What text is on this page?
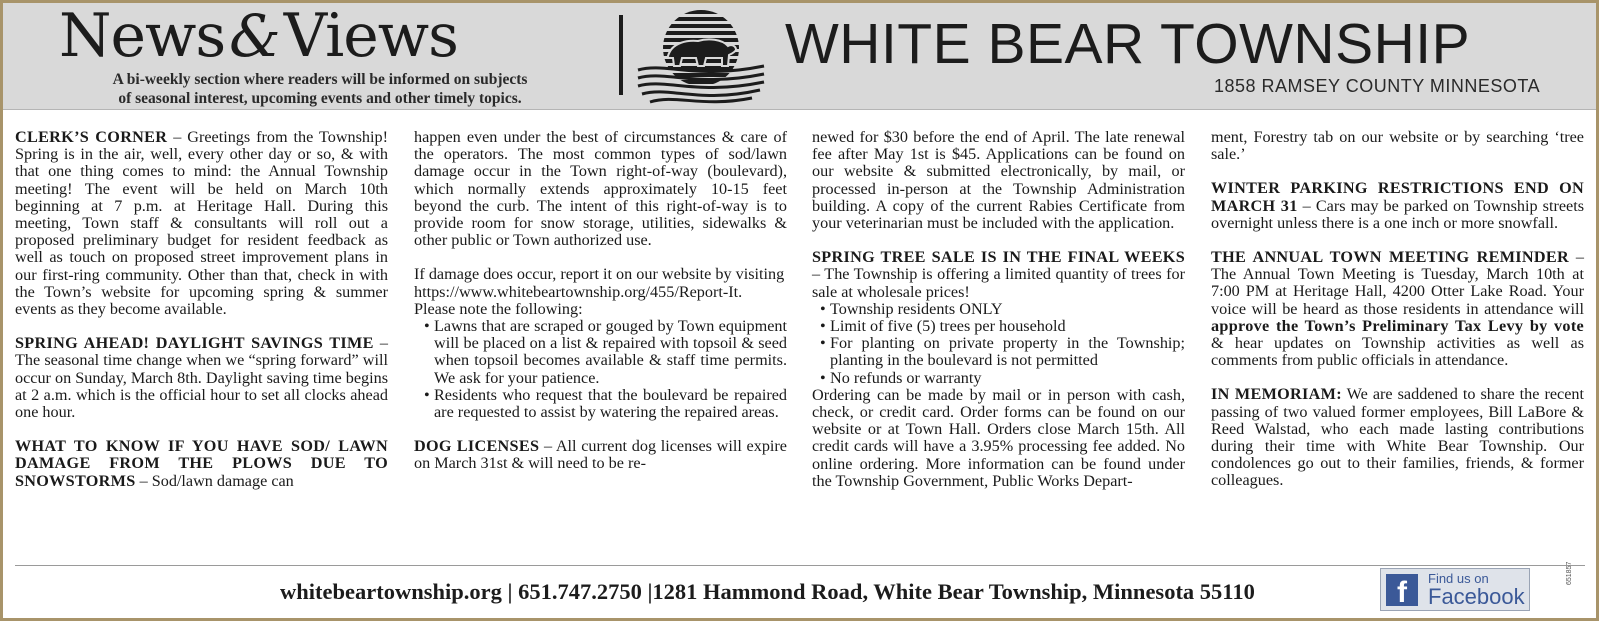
News&Views
A bi-weekly section where readers will be informed on subjects
of seasonal interest, upcoming events and other timely topics.
WHITE BEAR TOWNSHIP
1858 RAMSEY COUNTY MINNESOTA

CLERK’S CORNER – Greetings from the Township! Spring is in the air, well, every other day or so, & with that one thing comes to mind: the Annual Township meeting! The event will be held on March 10th beginning at 7 p.m. at Heritage Hall. During this meeting, Town staff & consultants will roll out a proposed preliminary budget for resident feedback as well as touch on proposed street improvement plans in our first-ring community. Other than that, check in with the Town’s website for upcoming spring & summer events as they become available.

SPRING AHEAD! DAYLIGHT SAVINGS TIME – The seasonal time change when we “spring forward” will occur on Sunday, March 8th. Daylight saving time begins at 2 a.m. which is the official hour to set all clocks ahead one hour.

WHAT TO KNOW IF YOU HAVE SOD/ LAWN DAMAGE FROM THE PLOWS DUE TO SNOWSTORMS – Sod/lawn damage can

happen even under the best of circumstances & care of the operators. The most common types of sod/lawn damage occur in the Town right-of-way (boulevard), which normally extends approximately 10-15 feet beyond the curb. The intent of this right-of-way is to provide room for snow storage, utilities, sidewalks & other public or Town authorized use.

If damage does occur, report it on our website by visiting
https://www.whitebeartownship.org/455/Report-It. Please note the following:

• Lawns that are scraped or gouged by Town equipment will be placed on a list & repaired with topsoil & seed when topsoil becomes available & staff time permits. We ask for your patience.
• Residents who request that the boulevard be repaired are requested to assist by watering the repaired areas.

DOG LICENSES – All current dog licenses will expire on March 31st & will need to be re-

newed for $30 before the end of April. The late renewal fee after May 1st is $45. Applications can be found on our website & submitted electronically, by mail, or processed in-person at the Township Administration building. A copy of the current Rabies Certificate from your veterinarian must be included with the application.

SPRING TREE SALE IS IN THE FINAL WEEKS – The Township is offering a limited quantity of trees for sale at wholesale prices!

• Township residents ONLY
• Limit of five (5) trees per household
• For planting on private property in the Township; planting in the boulevard is not permitted
• No refunds or warranty

Ordering can be made by mail or in person with cash, check, or credit card. Order forms can be found on our website or at Town Hall. Orders close March 15th. All credit cards will have a 3.95% processing fee added. No online ordering. More information can be found under the Township Government, Public Works Depart-

ment, Forestry tab on our website or by searching ‘tree sale.’

WINTER PARKING RESTRICTIONS END ON MARCH 31 – Cars may be parked on Township streets overnight unless there is a one inch or more snowfall.

THE ANNUAL TOWN MEETING REMINDER – The Annual Town Meeting is Tuesday, March 10th at 7:00 PM at Heritage Hall, 4200 Otter Lake Road. Your voice will be heard as those residents in attendance will approve the Town’s Preliminary Tax Levy by vote & hear updates on Township activities as well as comments from public officials in attendance.

IN MEMORIAM: We are saddened to share the recent passing of two valued former employees, Bill LaBore & Reed Walstad, who each made lasting contributions during their time with White Bear Township. Our condolences go out to their families, friends, & former colleagues.

whitebeartownship.org | 651.747.2750 |1281 Hammond Road, White Bear Township, Minnesota 55110	f	Find us on
Facebook
651857
